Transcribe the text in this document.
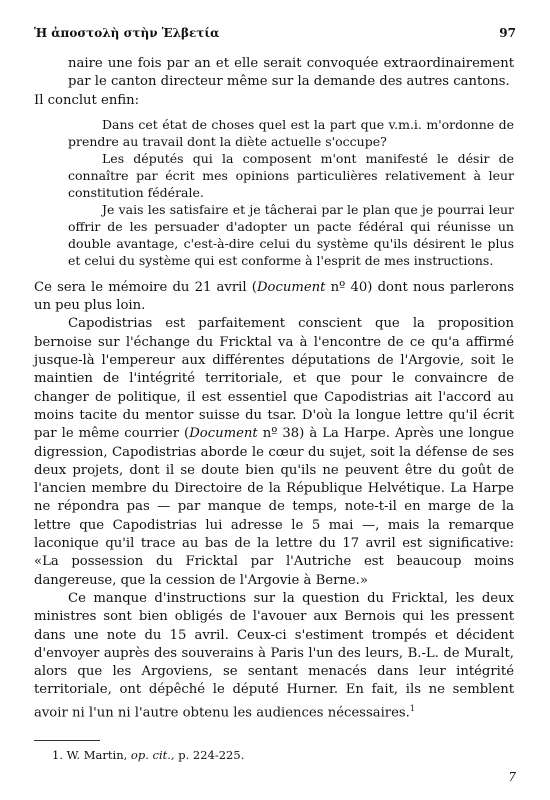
Ἡ ἀποστολὴ στὴν Ἑλβετία	97

naire une fois par an et elle serait convoquée extraordinairement par le canton directeur même sur la demande des autres cantons.

Il conclut enfin:

Dans cet état de choses quel est la part que v.m.i. m'ordonne de prendre au travail dont la diète actuelle s'occupe?

Les députés qui la composent m'ont manifesté le désir de connaître par écrit mes opinions particulières relativement à leur constitution fédérale.

Je vais les satisfaire et je tâcherai par le plan que je pourrai leur offrir de les persuader d'adopter un pacte fédéral qui réunisse un double avantage, c'est-à-dire celui du système qu'ils désirent le plus et celui du système qui est conforme à l'esprit de mes instructions.

Ce sera le mémoire du 21 avril (Document nº 40) dont nous parlerons un peu plus loin.

Capodistrias est parfaitement conscient que la proposition bernoise sur l'échange du Fricktal va à l'encontre de ce qu'a affirmé jusque-là l'empereur aux différentes députations de l'Argovie, soit le maintien de l'intégrité territoriale, et que pour le convaincre de changer de politique, il est essentiel que Capodistrias ait l'accord au moins tacite du mentor suisse du tsar. D'où la longue lettre qu'il écrit par le même courrier (Document nº 38) à La Harpe. Après une longue digression, Capodistrias aborde le cœur du sujet, soit la défense de ses deux projets, dont il se doute bien qu'ils ne peuvent être du goût de l'ancien membre du Directoire de la République Helvétique. La Harpe ne répondra pas — par manque de temps, note-t-il en marge de la lettre que Capodistrias lui adresse le 5 mai —, mais la remarque laconique qu'il trace au bas de la lettre du 17 avril est significative: «La possession du Fricktal par l'Autriche est beaucoup moins dangereuse, que la cession de l'Argovie à Berne.»

Ce manque d'instructions sur la question du Fricktal, les deux ministres sont bien obligés de l'avouer aux Bernois qui les pressent dans une note du 15 avril. Ceux-ci s'estiment trompés et décident d'envoyer auprès des souverains à Paris l'un des leurs, B.-L. de Muralt, alors que les Argoviens, se sentant menacés dans leur intégrité territoriale, ont dépêché le député Hurner. En fait, ils ne semblent avoir ni l'un ni l'autre obtenu les audiences nécessaires.$^1$

1. W. Martin, op. cit., p. 224-225.
7
